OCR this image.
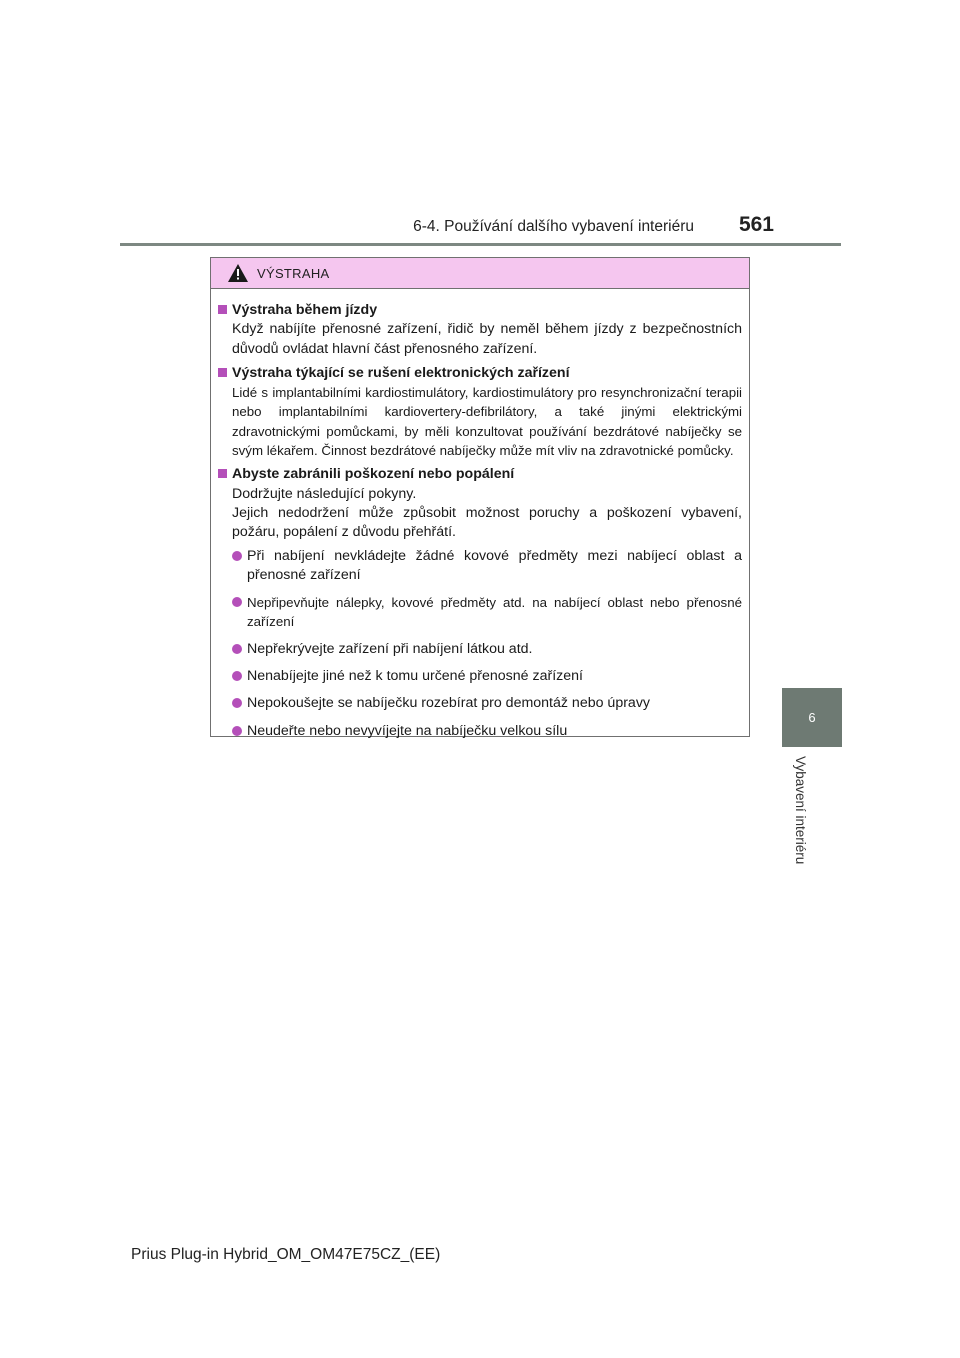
6-4. Používání dalšího vybavení interiéru 561
6
Vybavení interiéru
VÝSTRAHA
Výstraha během jízdy
Když nabíjíte přenosné zařízení, řidič by neměl během jízdy z bezpečnostních důvodů ovládat hlavní část přenosného zařízení.
Výstraha týkající se rušení elektronických zařízení
Lidé s implantabilními kardiostimulátory, kardiostimulátory pro resynchronizační terapii nebo implantabilními kardiovertery-defibrilátory, a také jinými elektrickými zdravotnickými pomůckami, by měli konzultovat používání bezdrátové nabíječky se svým lékařem. Činnost bezdrátové nabíječky může mít vliv na zdravotnické pomůcky.
Abyste zabránili poškození nebo popálení
Dodržujte následující pokyny.
Jejich nedodržení může způsobit možnost poruchy a poškození vybavení, požáru, popálení z důvodu přehřátí.
Při nabíjení nevkládejte žádné kovové předměty mezi nabíjecí oblast a přenosné zařízení
Nepřipevňujte nálepky, kovové předměty atd. na nabíjecí oblast nebo přenosné zařízení
Nepřekrývejte zařízení při nabíjení látkou atd.
Nenabíjejte jiné než k tomu určené přenosné zařízení
Nepokoušejte se nabíječku rozebírat pro demontáž nebo úpravy
Neudeřte nebo nevyvíjejte na nabíječku velkou sílu
Prius Plug-in Hybrid_OM_OM47E75CZ_(EE)
